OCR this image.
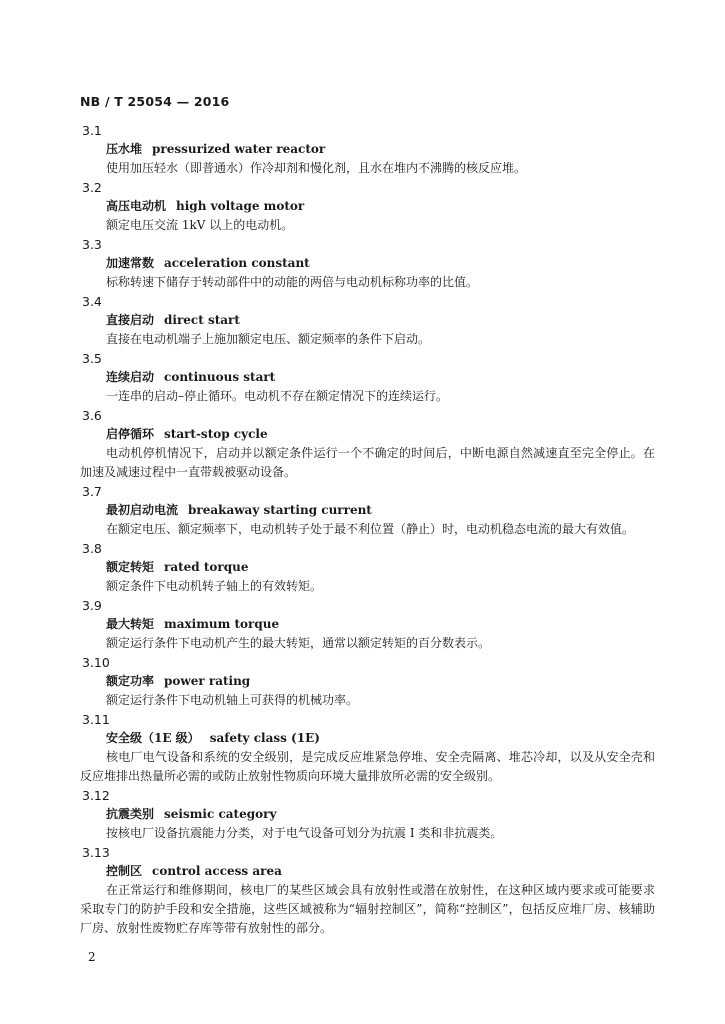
NB / T 25054 — 2016
3.1
压水堆 pressurized water reactor
使用加压轻水（即普通水）作冷却剂和慢化剂，且水在堆内不沸腾的核反应堆。
3.2
高压电动机 high voltage motor
额定电压交流 1kV 以上的电动机。
3.3
加速常数 acceleration constant
标称转速下储存于转动部件中的动能的两倍与电动机标称功率的比值。
3.4
直接启动 direct start
直接在电动机端子上施加额定电压、额定频率的条件下启动。
3.5
连续启动 continuous start
一连串的启动–停止循环。电动机不存在额定情况下的连续运行。
3.6
启停循环 start-stop cycle
电动机停机情况下，启动并以额定条件运行一个不确定的时间后，中断电源自然减速直至完全停止。在加速及减速过程中一直带载被驱动设备。
3.7
最初启动电流 breakaway starting current
在额定电压、额定频率下，电动机转子处于最不利位置（静止）时，电动机稳态电流的最大有效值。
3.8
额定转矩 rated torque
额定条件下电动机转子轴上的有效转矩。
3.9
最大转矩 maximum torque
额定运行条件下电动机产生的最大转矩，通常以额定转矩的百分数表示。
3.10
额定功率 power rating
额定运行条件下电动机轴上可获得的机械功率。
3.11
安全级（1E 级） safety class (1E)
核电厂电气设备和系统的安全级别，是完成反应堆紧急停堆、安全壳隔离、堆芯冷却，以及从安全壳和反应堆排出热量所必需的或防止放射性物质向环境大量排放所必需的安全级别。
3.12
抗震类别 seismic category
按核电厂设备抗震能力分类，对于电气设备可划分为抗震 I 类和非抗震类。
3.13
控制区 control access area
在正常运行和维修期间，核电厂的某些区域会具有放射性或潜在放射性，在这种区域内要求或可能要求采取专门的防护手段和安全措施，这些区域被称为“辐射控制区”，简称“控制区”，包括反应堆厂房、核辅助厂房、放射性废物贮存库等带有放射性的部分。
2
